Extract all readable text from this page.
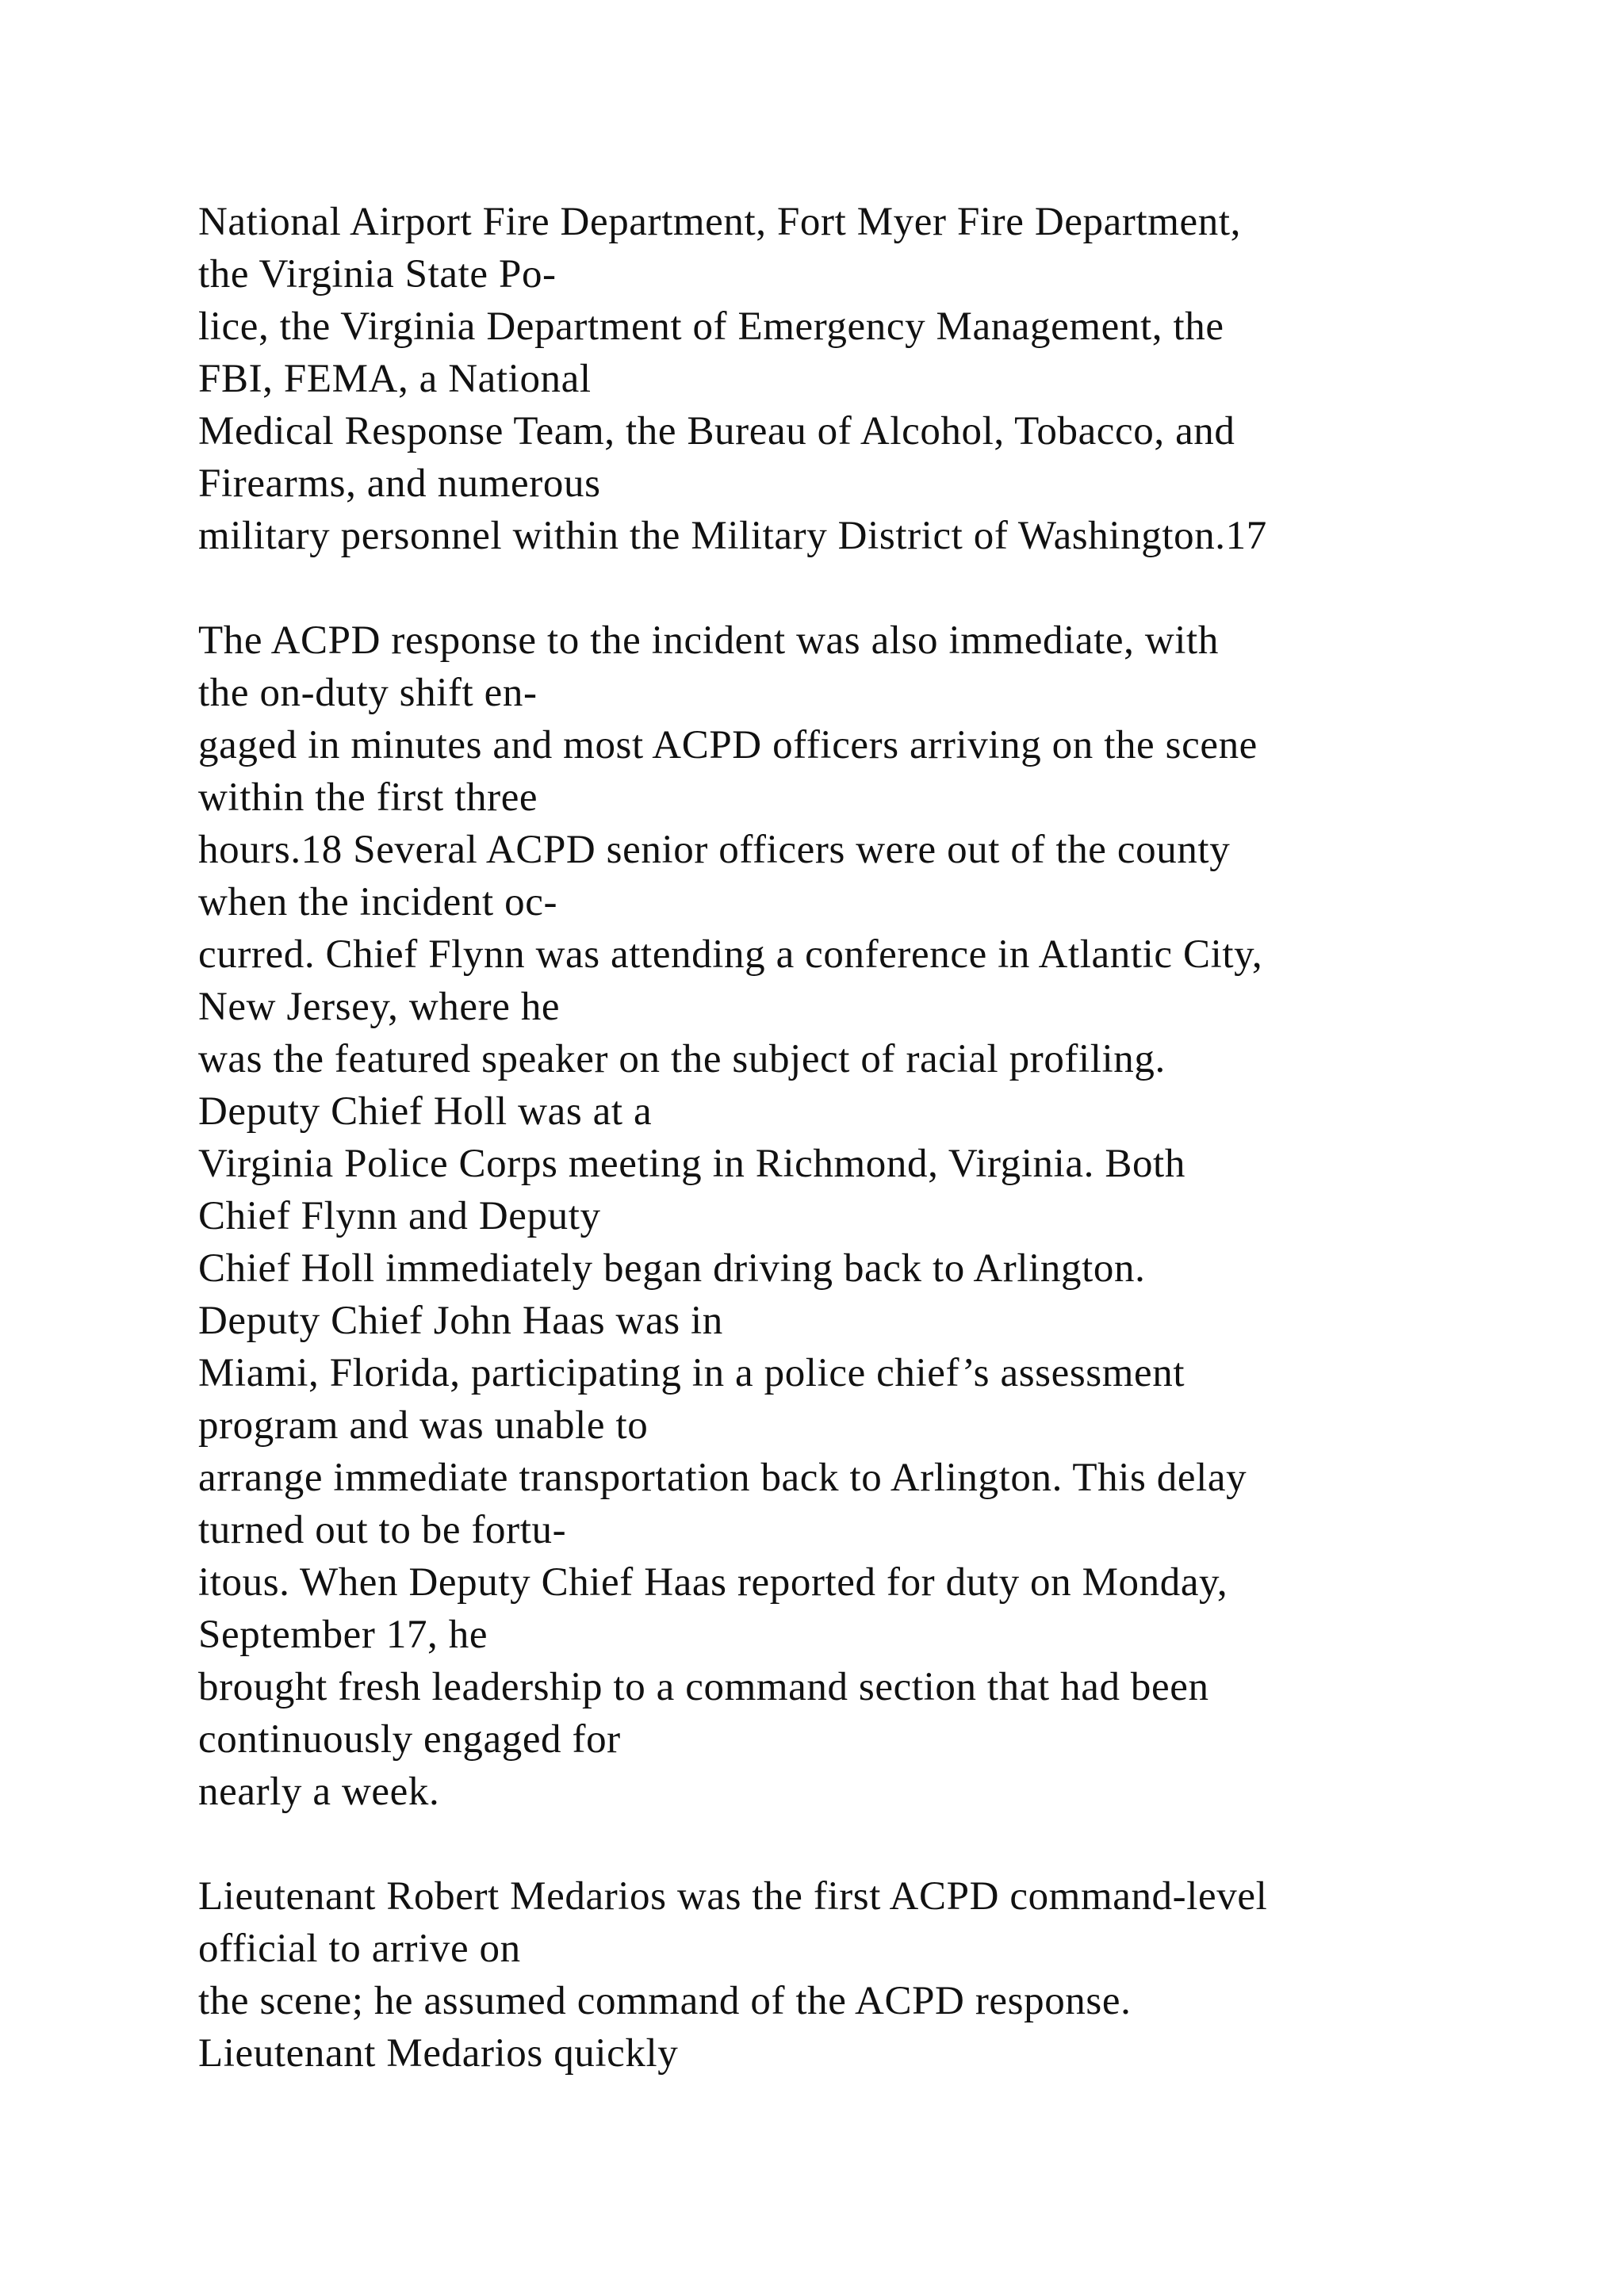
National Airport Fire Department, Fort Myer Fire Department,
the Virginia State Po-
lice, the Virginia Department of Emergency Management, the
FBI, FEMA, a National
Medical Response Team, the Bureau of Alcohol, Tobacco, and
Firearms, and numerous
military personnel within the Military District of Washington.17
The ACPD response to the incident was also immediate, with
the on-duty shift en-
gaged in minutes and most ACPD officers arriving on the scene
within the first three
hours.18 Several ACPD senior officers were out of the county
when the incident oc-
curred. Chief Flynn was attending a conference in Atlantic City,
New Jersey, where he
was the featured speaker on the subject of racial profiling.
Deputy Chief Holl was at a
Virginia Police Corps meeting in Richmond, Virginia. Both
Chief Flynn and Deputy
Chief Holl immediately began driving back to Arlington.
Deputy Chief John Haas was in
Miami, Florida, participating in a police chief’s assessment
program and was unable to
arrange immediate transportation back to Arlington. This delay
turned out to be fortu-
itous. When Deputy Chief Haas reported for duty on Monday,
September 17, he
brought fresh leadership to a command section that had been
continuously engaged for
nearly a week.
Lieutenant Robert Medarios was the first ACPD command-level
official to arrive on
the scene; he assumed command of the ACPD response.
Lieutenant Medarios quickly
